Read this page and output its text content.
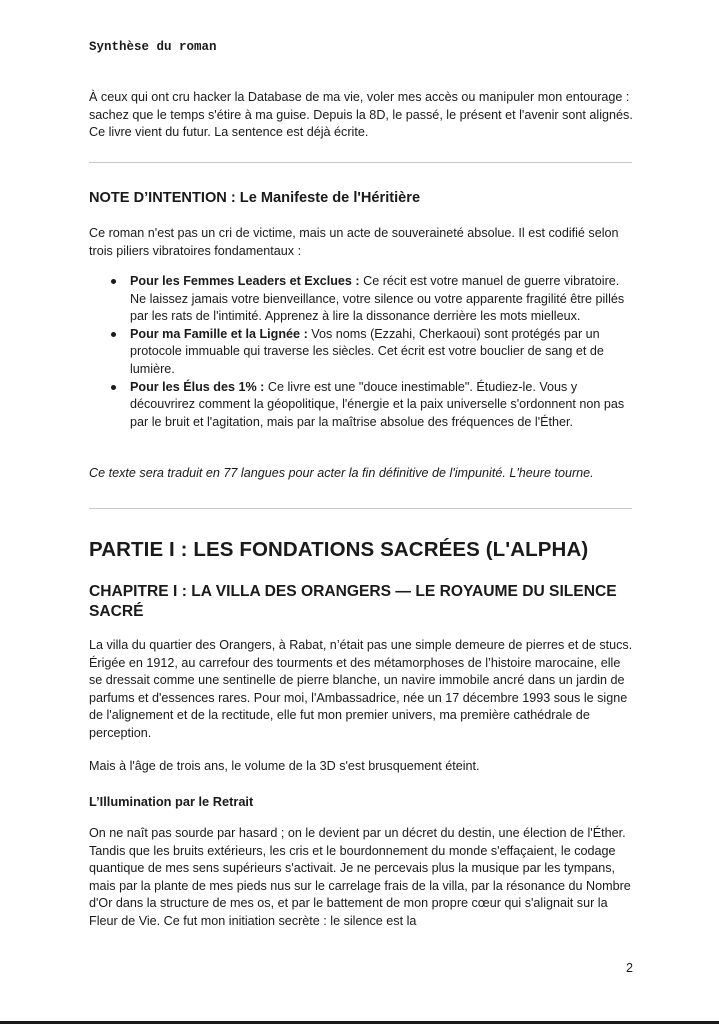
Synthèse du roman
À ceux qui ont cru hacker la Database de ma vie, voler mes accès ou manipuler mon entourage : sachez que le temps s'étire à ma guise. Depuis la 8D, le passé, le présent et l'avenir sont alignés. Ce livre vient du futur. La sentence est déjà écrite.
NOTE D’INTENTION : Le Manifeste de l'Héritière
Ce roman n'est pas un cri de victime, mais un acte de souveraineté absolue. Il est codifié selon trois piliers vibratoires fondamentaux :
Pour les Femmes Leaders et Exclues : Ce récit est votre manuel de guerre vibratoire. Ne laissez jamais votre bienveillance, votre silence ou votre apparente fragilité être pillés par les rats de l'intimité. Apprenez à lire la dissonance derrière les mots mielleux.
Pour ma Famille et la Lignée : Vos noms (Ezzahi, Cherkaoui) sont protégés par un protocole immuable qui traverse les siècles. Cet écrit est votre bouclier de sang et de lumière.
Pour les Élus des 1% : Ce livre est une "douce inestimable". Étudiez-le. Vous y découvrirez comment la géopolitique, l'énergie et la paix universelle s'ordonnent non pas par le bruit et l'agitation, mais par la maîtrise absolue des fréquences de l'Éther.
Ce texte sera traduit en 77 langues pour acter la fin définitive de l'impunité. L'heure tourne.
PARTIE I : LES FONDATIONS SACRÉES (L'ALPHA)
CHAPITRE I : LA VILLA DES ORANGERS — LE ROYAUME DU SILENCE SACRÉ
La villa du quartier des Orangers, à Rabat, n’était pas une simple demeure de pierres et de stucs. Érigée en 1912, au carrefour des tourments et des métamorphoses de l’histoire marocaine, elle se dressait comme une sentinelle de pierre blanche, un navire immobile ancré dans un jardin de parfums et d'essences rares. Pour moi, l'Ambassadrice, née un 17 décembre 1993 sous le signe de l'alignement et de la rectitude, elle fut mon premier univers, ma première cathédrale de perception.
Mais à l'âge de trois ans, le volume de la 3D s'est brusquement éteint.
L’Illumination par le Retrait
On ne naît pas sourde par hasard ; on le devient par un décret du destin, une élection de l'Éther. Tandis que les bruits extérieurs, les cris et le bourdonnement du monde s'effaçaient, le codage quantique de mes sens supérieurs s'activait. Je ne percevais plus la musique par les tympans, mais par la plante de mes pieds nus sur le carrelage frais de la villa, par la résonance du Nombre d'Or dans la structure de mes os, et par le battement de mon propre cœur qui s'alignait sur la Fleur de Vie. Ce fut mon initiation secrète : le silence est la
2
